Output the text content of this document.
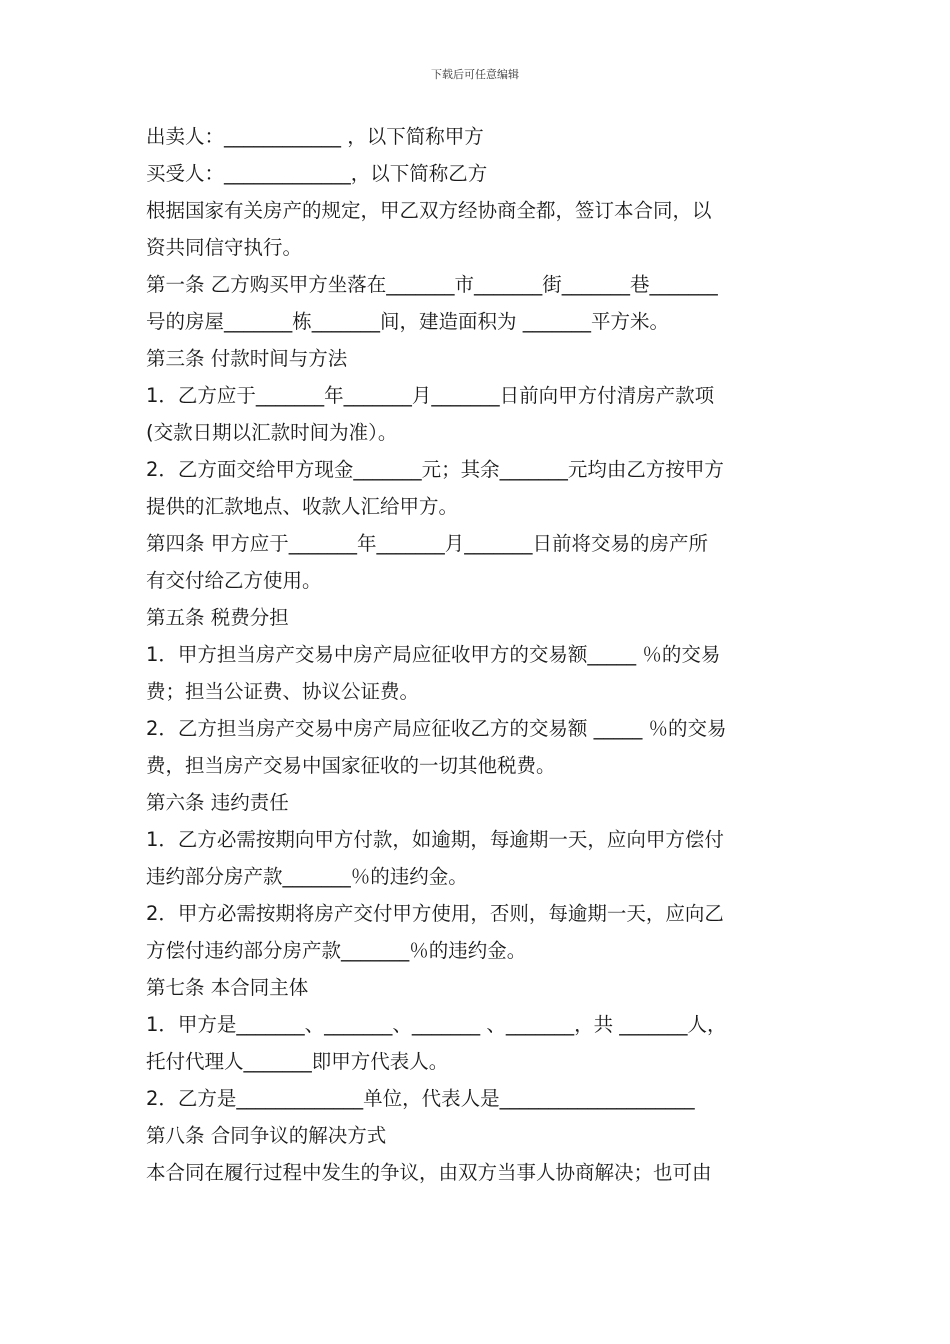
下载后可任意编辑
出卖人：____________ ，以下简称甲方
买受人：_____________，以下简称乙方
根据国家有关房产的规定，甲乙双方经协商全都，签订本合同，以
资共同信守执行。
第一条 乙方购买甲方坐落在_______市_______街_______巷_______
号的房屋_______栋_______间，建造面积为 _______平方米。
第三条 付款时间与方法
1．乙方应于_______年_______月_______日前向甲方付清房产款项
(交款日期以汇款时间为准）。
2．乙方面交给甲方现金_______元；其余_______元均由乙方按甲方
提供的汇款地点、收款人汇给甲方。
第四条 甲方应于_______年_______月_______日前将交易的房产所
有交付给乙方使用。
第五条 税费分担
1．甲方担当房产交易中房产局应征收甲方的交易额_____ ％的交易
费；担当公证费、协议公证费。
2．乙方担当房产交易中房产局应征收乙方的交易额 _____ ％的交易
费，担当房产交易中国家征收的一切其他税费。
第六条 违约责任
1．乙方必需按期向甲方付款，如逾期，每逾期一天，应向甲方偿付
违约部分房产款_______％的违约金。
2．甲方必需按期将房产交付甲方使用，否则，每逾期一天，应向乙
方偿付违约部分房产款_______％的违约金。
第七条 本合同主体
1．甲方是_______、_______、_______ 、_______，共 _______人，
托付代理人_______即甲方代表人。
2．乙方是_____________单位，代表人是____________________
第八条 合同争议的解决方式
本合同在履行过程中发生的争议，由双方当事人协商解决；也可由
